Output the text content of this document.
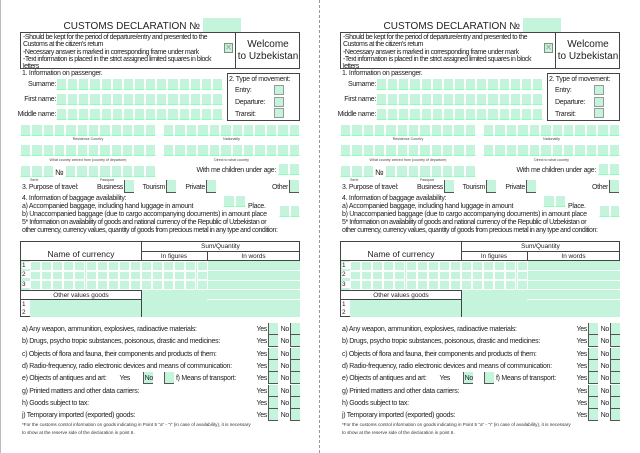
CUSTOMS DECLARATION №
-Should be kept for the period of departure/entry and presented to the
Customs at the citizen's return
-Necessary answer is marked in corresponding frame under mark
-Text information is placed in the strict assigned limited squares in block
letters
✕	Welcome
to Uzbekistan
1. Information on passenger.
Surname:
First name:
Middle name:
2. Type of movement:
Entry:
Departure:
Transit:
Residence Country	Nationality
What country arrived from (country of departure)	Direct to what country
№
Serie	Passport
With me children under age:
3. Purpose of travel:	Business	Tourism	Private	Other
4. Information of baggage availability:
a) Accompanied baggage, including hand luggage in amount	Place.
b) Unaccompanied baggage (due to cargo accompanying documents) in amount place
5* Information on availability of goods and national currency of the Republic of Uzbekistan or
other currency, currency values, quantity of goods from precious metal in any type and condition:
Name of currency
Sum/Quantity
In figures	In words
1
2
3
Other values goods
1
2
a) Any weapon, ammunition, explosives, radioactive materials:	Yes No
b) Drugs, psycho tropic substances, poisonous, drastic and medicines:	Yes No
c) Objects of flora and fauna, their components and products of them:	Yes No
d) Radio-frequency, radio electronic devices and means of communication:	Yes No
e) Objects of antiques and art: Yes No	f) Means of transport:	Yes No
g) Printed matters and other data carriers:	Yes No
h) Goods subject to tax:	Yes No
j) Temporary imported (exported) goods:	Yes No
*For the customs control information on goods indicating in Point 5 "a" - "i" (in case of availability), it is necessary
to show at the reserve side of the declaration in point 6.
CUSTOMS DECLARATION №
-Should be kept for the period of departure/entry and presented to the
Customs at the citizen's return
-Necessary answer is marked in corresponding frame under mark
-Text information is placed in the strict assigned limited squares in block
letters
✕	Welcome
to Uzbekistan
1. Information on passenger.
Surname:
First name:
Middle name:
2. Type of movement:
Entry:
Departure:
Transit:
Residence Country	Nationality
What country arrived from (country of departure)	Direct to what country
№
Serie	Passport
With me children under age:
3. Purpose of travel:	Business	Tourism	Private	Other
4. Information of baggage availability:
a) Accompanied baggage, including hand luggage in amount	Place.
b) Unaccompanied baggage (due to cargo accompanying documents) in amount place
5* Information on availability of goods and national currency of the Republic of Uzbekistan or
other currency, currency values, quantity of goods from precious metal in any type and condition:
Name of currency
Sum/Quantity
In figures	In words
1
2
3
Other values goods
1
2
a) Any weapon, ammunition, explosives, radioactive materials:	Yes No
b) Drugs, psycho tropic substances, poisonous, drastic and medicines:	Yes No
c) Objects of flora and fauna, their components and products of them:	Yes No
d) Radio-frequency, radio electronic devices and means of communication:	Yes No
e) Objects of antiques and art: Yes No	f) Means of transport:	Yes No
g) Printed matters and other data carriers:	Yes No
h) Goods subject to tax:	Yes No
j) Temporary imported (exported) goods:	Yes No
*For the customs control information on goods indicating in Point 5 "a" - "i" (in case of availability), it is necessary
to show at the reserve side of the declaration in point 6.
